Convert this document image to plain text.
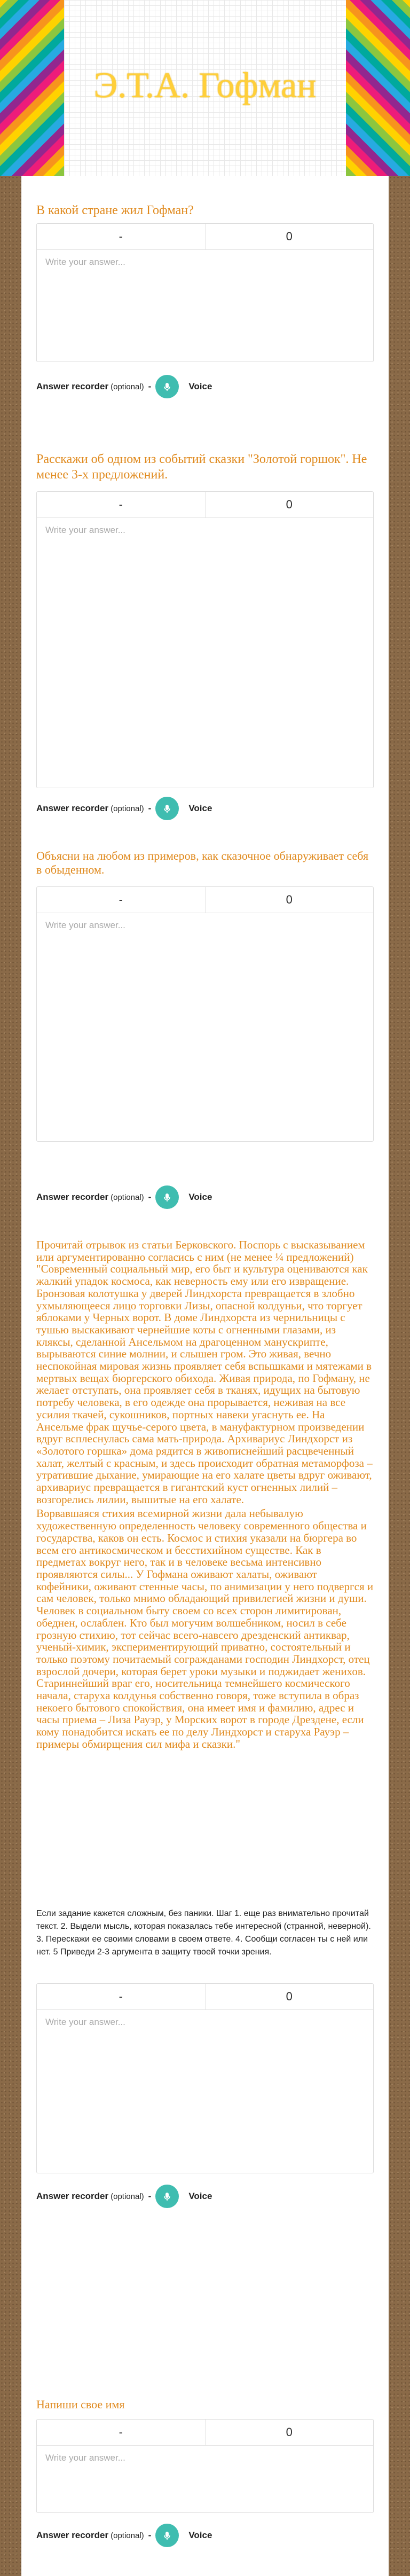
Э.Т.А. Гофман

В какой стране жил Гофман?

-	0
Write your answer...
Answer recorder (optional) -	Voice

Расскажи об одном из событий сказки "Золотой горшок". Не менее 3-х предложений.

-	0
Write your answer...
Answer recorder (optional) -	Voice

Объясни на любом из примеров, как сказочное обнаруживает себя в обыденном.

-	0
Write your answer...
Answer recorder (optional) -	Voice

Прочитай отрывок из статьи Берковского. Поспорь с высказыванием или аргументированно согласись с ним (не менее ¼ предложений) "Современный социальный мир, его быт и культура оцениваются как жалкий упадок космоса, как неверность ему или его извращение. Бронзовая колотушка у дверей Линдхорста превращается в злобно ухмыляющееся лицо торговки Лизы, опасной колдуньи, что торгует яблоками у Черных ворот. В доме Линдхорста из чернильницы с тушью выскакивают чернейшие коты с огненными глазами, из кляксы, сделанной Ансельмом на драгоценном манускрипте, вырываются синие молнии, и слышен гром. Это живая, вечно неспокойная мировая жизнь проявляет себя вспышками и мятежами в мертвых вещах бюргерского обихода. Живая природа, по Гофману, не желает отступать, она проявляет себя в тканях, идущих на бытовую потребу человека, в его одежде она прорывается, неживая на все усилия ткачей, сукошников, портных навеки угаснуть ее. На Ансельме фрак щучье-серого цвета, в мануфактурном произведении вдруг всплеснулась сама мать-природа. Архивариус Линдхорст из «Золотого горшка» дома рядится в живописнейший расцвеченный халат, желтый с красным, и здесь происходит обратная метаморфоза – утратившие дыхание, умирающие на его халате цветы вдруг оживают, архивариус превращается в гигантский куст огненных лилий – возгорелись лилии, вышитые на его халате.

Ворвавшаяся стихия всемирной жизни дала небывалую художественную определенность человеку современного общества и государства, каков он есть. Космос и стихия указали на бюргера во всем его антикосмическом и бесстихийном существе. Как в предметах вокруг него, так и в человеке весьма интенсивно проявляются силы... У Гофмана оживают халаты, оживают кофейники, оживают стенные часы, по анимизации у него подвергся и сам человек, только мнимо обладающий привилегией жизни и души. Человек в социальном быту своем со всех сторон лимитирован, обеднен, ослаблен. Кто был могучим волшебником, носил в себе грозную стихию, тот сейчас всего-навсего дрезденский антиквар, ученый-химик, экспериментирующий приватно, состоятельный и только поэтому почитаемый согражданами господин Линдхорст, отец взрослой дочери, которая берет уроки музыки и поджидает женихов. Стариннейший враг его, носительница темнейшего космического начала, старуха колдунья собственно говоря, тоже вступила в образ некоего бытового спокойствия, она имеет имя и фамилию, адрес и часы приема – Лиза Рауэр, у Морских ворот в городе Дрездене, если кому понадобится искать ее по делу Линдхорст и старуха Рауэр – примеры обмирщения сил мифа и сказки."

Если задание кажется сложным, без паники. Шаг 1. еще раз внимательно прочитай текст. 2. Выдели мысль, которая показалась тебе интересной (странной, неверной). 3. Перескажи ее своими словами в своем ответе. 4. Сообщи согласен ты с ней или нет. 5 Приведи 2-3 аргумента в защиту твоей точки зрения.
-	0
Write your answer...
Answer recorder (optional) -	Voice

Напиши свое имя

-	0
Write your answer...
Answer recorder (optional) -	Voice
